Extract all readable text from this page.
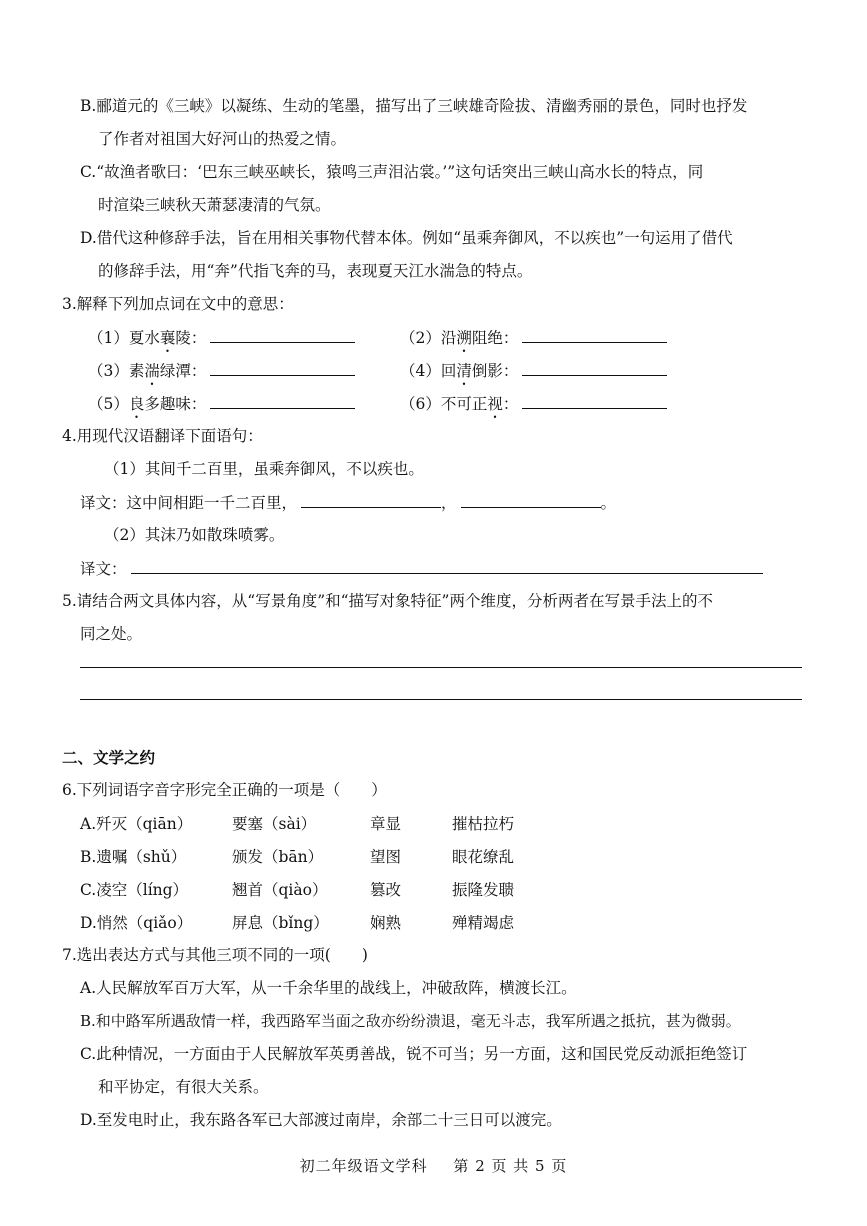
B.郦道元的《三峡》以凝练、生动的笔墨，描写出了三峡雄奇险拔、清幽秀丽的景色，同时也抒发
了作者对祖国大好河山的热爱之情。
C.“故渔者歌曰：‘巴东三峡巫峡长，猿鸣三声泪沾裳。’”这句话突出三峡山高水长的特点，同
时渲染三峡秋天萧瑟凄清的气氛。
D.借代这种修辞手法，旨在用相关事物代替本体。例如“虽乘奔御风，不以疾也”一句运用了借代
的修辞手法，用“奔”代指飞奔的马，表现夏天江水湍急的特点。
3.解释下列加点词在文中的意思：
（1）夏水襄陵：	（2）沿溯阻绝：
（3）素湍绿潭：	（4）回清倒影：
（5）良多趣味：	（6）不可正视：
4.用现代汉语翻译下面语句：
（1）其间千二百里，虽乘奔御风，不以疾也。
译文：这中间相距一千二百里，	，	。
（2）其沫乃如散珠喷雾。
译文：
5.请结合两文具体内容，从“写景角度”和“描写对象特征”两个维度，分析两者在写景手法上的不
同之处。
二、文学之约
6.下列词语字音字形完全正确的一项是（　　）
A.歼灭（qiān）	要塞（sài）	章显	摧枯拉朽
B.遗嘱（shǔ）	颁发（bān）	望图	眼花缭乱
C.凌空（líng）	翘首（qiào）	篡改	振隆发聩
D.悄然（qiǎo）	屏息（bǐng）	娴熟	殚精竭虑
7.选出表达方式与其他三项不同的一项(　　)
A.人民解放军百万大军，从一千余华里的战线上，冲破敌阵，横渡长江。
B.和中路军所遇敌情一样，我西路军当面之敌亦纷纷溃退，毫无斗志，我军所遇之抵抗，甚为微弱。
C.此种情况，一方面由于人民解放军英勇善战，锐不可当；另一方面，这和国民党反动派拒绝签订
和平协定，有很大关系。
D.至发电时止，我东路各军已大部渡过南岸，余部二十三日可以渡完。
初二年级语文学科 第 2 页 共 5 页
